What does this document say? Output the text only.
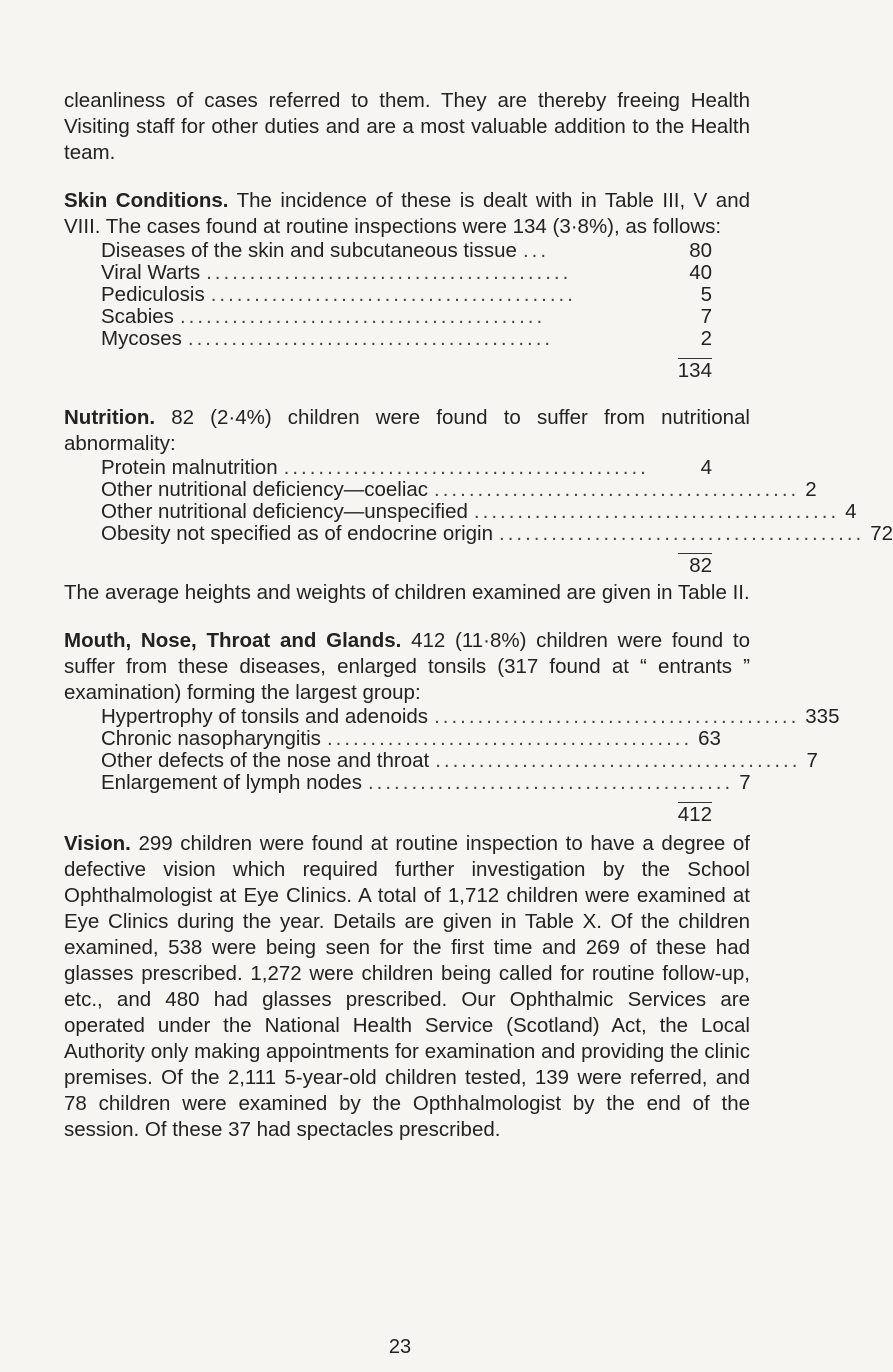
cleanliness of cases referred to them. They are thereby freeing Health Visiting staff for other duties and are a most valuable addition to the Health team.

Skin Conditions. The incidence of these is dealt with in Table III, V and VIII. The cases found at routine inspections were 134 (3·8%), as follows:

Diseases of the skin and subcutaneous tissue ...	80
Viral Warts ..........................................	40
Pediculosis ..........................................	5
Scabies ..........................................	7
Mycoses ..........................................	2
134

Nutrition. 82 (2·4%) children were found to suffer from nutritional abnormality:

Protein malnutrition ..........................................	4
Other nutritional deficiency—coeliac .......................................... 2
Other nutritional deficiency—unspecified .......................................... 4
Obesity not specified as of endocrine origin .......................................... 72
82

The average heights and weights of children examined are given in Table II.

Mouth, Nose, Throat and Glands. 412 (11·8%) children were found to suffer from these diseases, enlarged tonsils (317 found at “ entrants ” examination) forming the largest group:

Hypertrophy of tonsils and adenoids .......................................... 335
Chronic nasopharyngitis .......................................... 63
Other defects of the nose and throat .......................................... 7
Enlargement of lymph nodes .......................................... 7
412

Vision. 299 children were found at routine inspection to have a degree of defective vision which required further investigation by the School Ophthalmologist at Eye Clinics. A total of 1,712 children were examined at Eye Clinics during the year. Details are given in Table X. Of the children examined, 538 were being seen for the first time and 269 of these had glasses prescribed. 1,272 were children being called for routine follow-up, etc., and 480 had glasses prescribed. Our Ophthalmic Services are operated under the National Health Service (Scotland) Act, the Local Authority only making appointments for examination and providing the clinic premises. Of the 2,111 5-year-old children tested, 139 were referred, and 78 children were examined by the Opthhalmologist by the end of the session. Of these 37 had spectacles prescribed.

23
